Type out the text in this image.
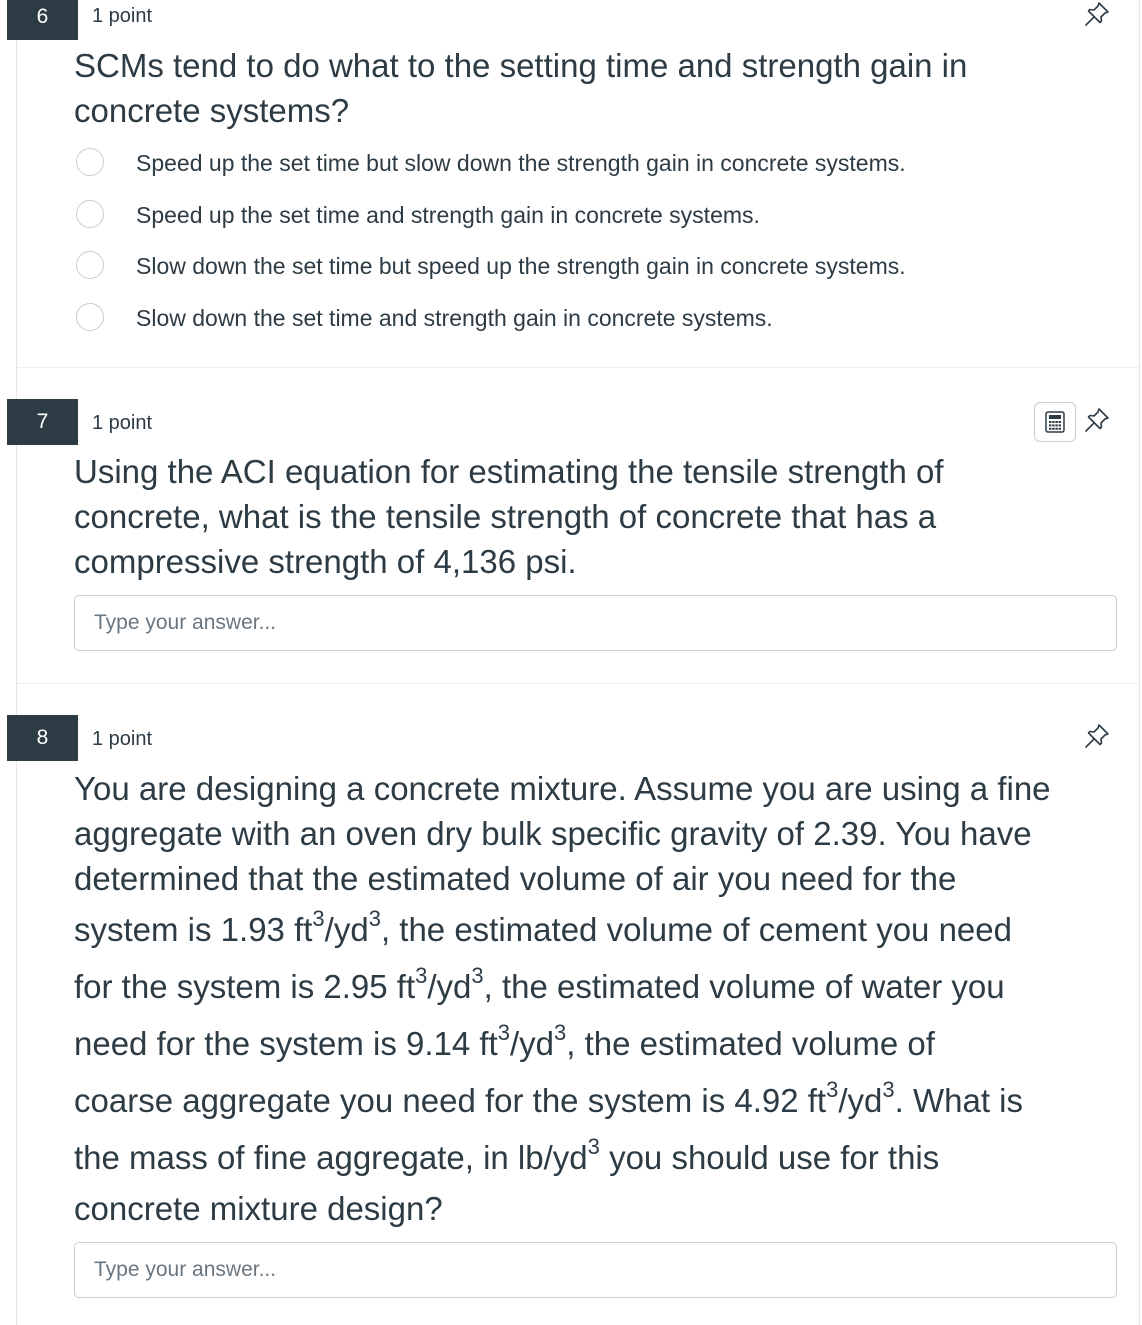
6	1 point
SCMs tend to do what to the setting time and strength gain in
concrete systems?
Speed up the set time but slow down the strength gain in concrete systems.
Speed up the set time and strength gain in concrete systems.
Slow down the set time but speed up the strength gain in concrete systems.
Slow down the set time and strength gain in concrete systems.
7	1 point
Using the ACI equation for estimating the tensile strength of
concrete, what is the tensile strength of concrete that has a
compressive strength of 4,136 psi.
Type your answer...
8	1 point
You are designing a concrete mixture. Assume you are using a fine
aggregate with an oven dry bulk specific gravity of 2.39. You have
determined that the estimated volume of air you need for the
system is 1.93 $ft^3/yd^3$, the estimated volume of cement you need
for the system is 2.95 $ft^3/yd^3$, the estimated volume of water you
need for the system is 9.14 $ft^3/yd^3$, the estimated volume of
coarse aggregate you need for the system is 4.92 $ft^3/yd^3$. What is
the mass of fine aggregate, in $lb/yd^3$ you should use for this
concrete mixture design?
Type your answer...
